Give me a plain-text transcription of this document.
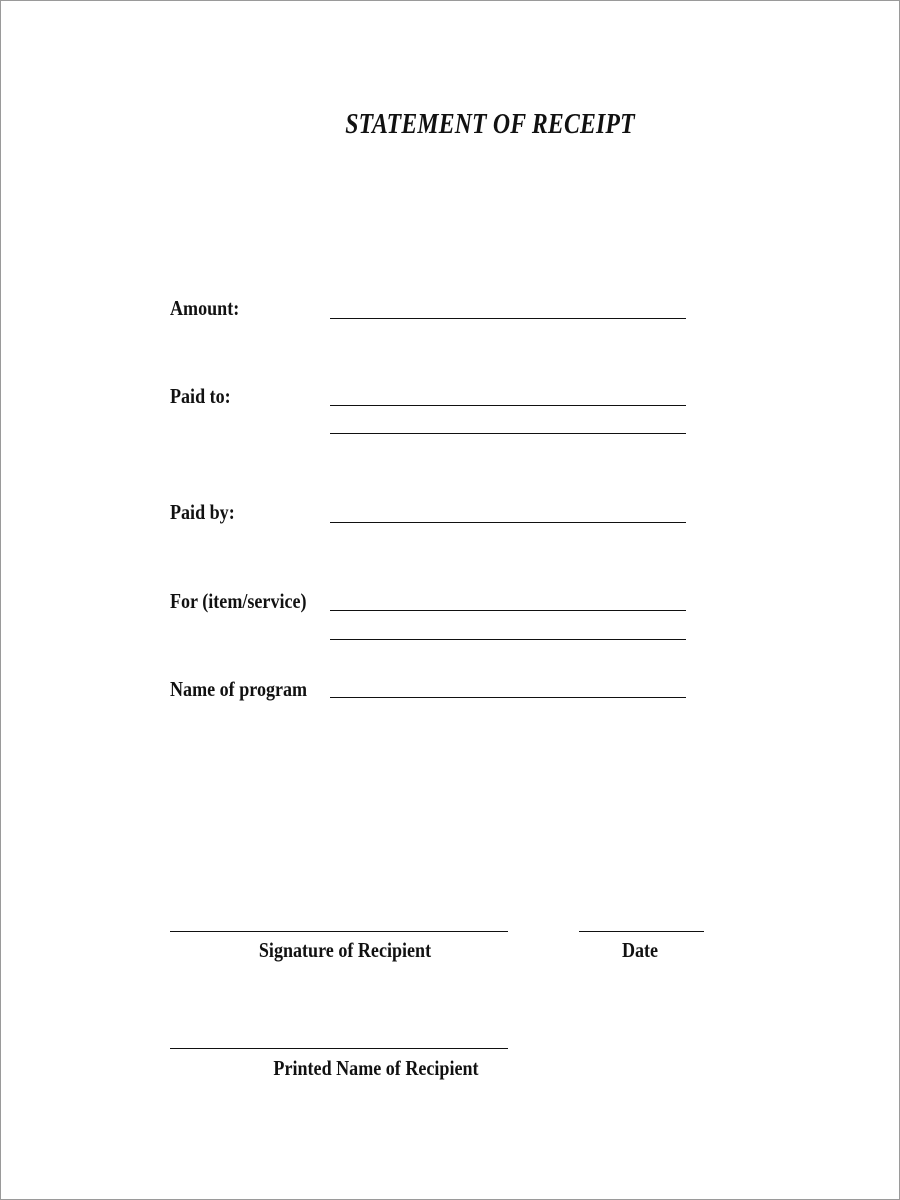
STATEMENT OF RECEIPT
Amount:
Paid to:
Paid by:
For (item/service)
Name of program
Signature of Recipient	Date
Printed Name of Recipient
